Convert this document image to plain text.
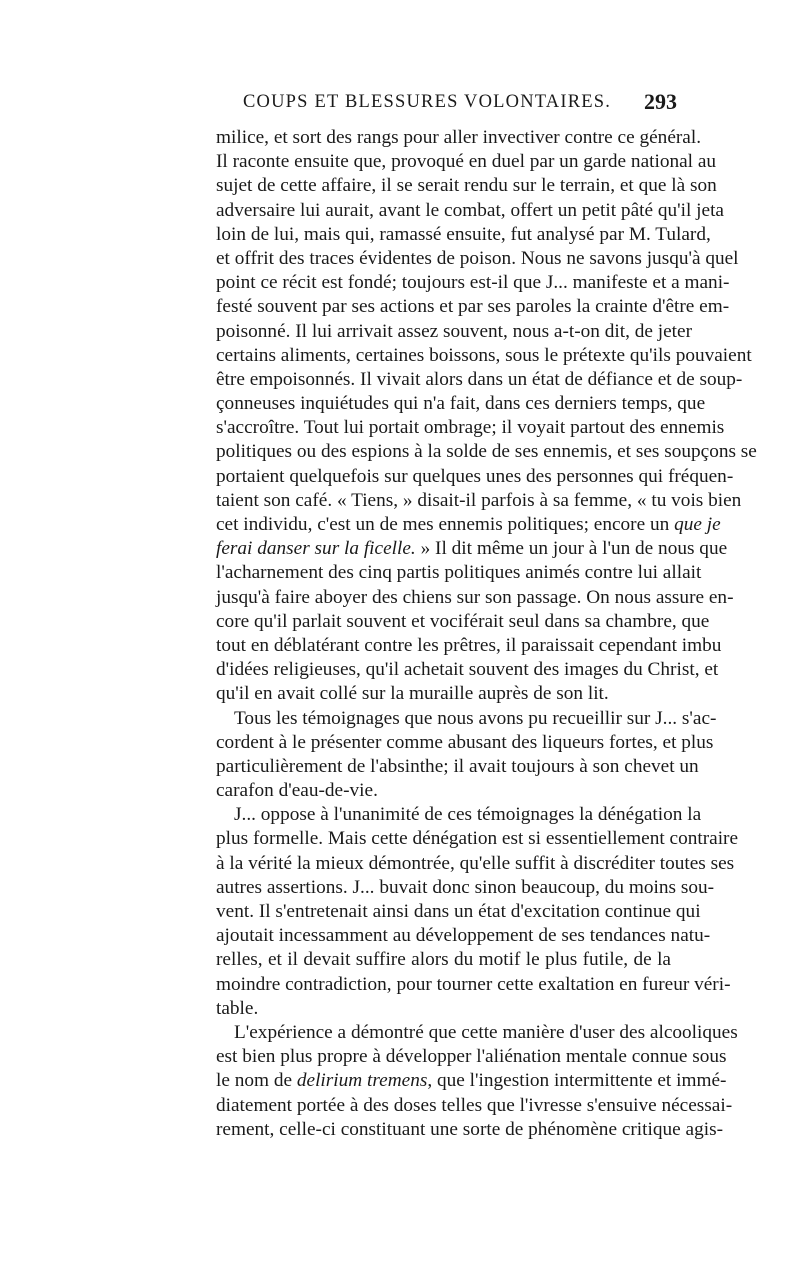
COUPS ET BLESSURES VOLONTAIRES. 293
milice, et sort des rangs pour aller invectiver contre ce général.
Il raconte ensuite que, provoqué en duel par un garde national au
sujet de cette affaire, il se serait rendu sur le terrain, et que là son
adversaire lui aurait, avant le combat, offert un petit pâté qu'il jeta
loin de lui, mais qui, ramassé ensuite, fut analysé par M. Tulard,
et offrit des traces évidentes de poison. Nous ne savons jusqu'à quel
point ce récit est fondé; toujours est-il que J... manifeste et a mani-
festé souvent par ses actions et par ses paroles la crainte d'être em-
poisonné. Il lui arrivait assez souvent, nous a-t-on dit, de jeter
certains aliments, certaines boissons, sous le prétexte qu'ils pouvaient
être empoisonnés. Il vivait alors dans un état de défiance et de soup-
çonneuses inquiétudes qui n'a fait, dans ces derniers temps, que
s'accroître. Tout lui portait ombrage; il voyait partout des ennemis
politiques ou des espions à la solde de ses ennemis, et ses soupçons se
portaient quelquefois sur quelques unes des personnes qui fréquen-
taient son café. « Tiens, » disait-il parfois à sa femme, « tu vois bien
cet individu, c'est un de mes ennemis politiques; encore un que je
ferai danser sur la ficelle. » Il dit même un jour à l'un de nous que
l'acharnement des cinq partis politiques animés contre lui allait
jusqu'à faire aboyer des chiens sur son passage. On nous assure en-
core qu'il parlait souvent et vociférait seul dans sa chambre, que
tout en déblatérant contre les prêtres, il paraissait cependant imbu
d'idées religieuses, qu'il achetait souvent des images du Christ, et
qu'il en avait collé sur la muraille auprès de son lit.
Tous les témoignages que nous avons pu recueillir sur J... s'ac-
cordent à le présenter comme abusant des liqueurs fortes, et plus
particulièrement de l'absinthe; il avait toujours à son chevet un
carafon d'eau-de-vie.
J... oppose à l'unanimité de ces témoignages la dénégation la
plus formelle. Mais cette dénégation est si essentiellement contraire
à la vérité la mieux démontrée, qu'elle suffit à discréditer toutes ses
autres assertions. J... buvait donc sinon beaucoup, du moins sou-
vent. Il s'entretenait ainsi dans un état d'excitation continue qui
ajoutait incessamment au développement de ses tendances natu-
relles, et il devait suffire alors du motif le plus futile, de la
moindre contradiction, pour tourner cette exaltation en fureur véri-
table.
L'expérience a démontré que cette manière d'user des alcooliques
est bien plus propre à développer l'aliénation mentale connue sous
le nom de delirium tremens, que l'ingestion intermittente et immé-
diatement portée à des doses telles que l'ivresse s'ensuive nécessai-
rement, celle-ci constituant une sorte de phénomène critique agis-
